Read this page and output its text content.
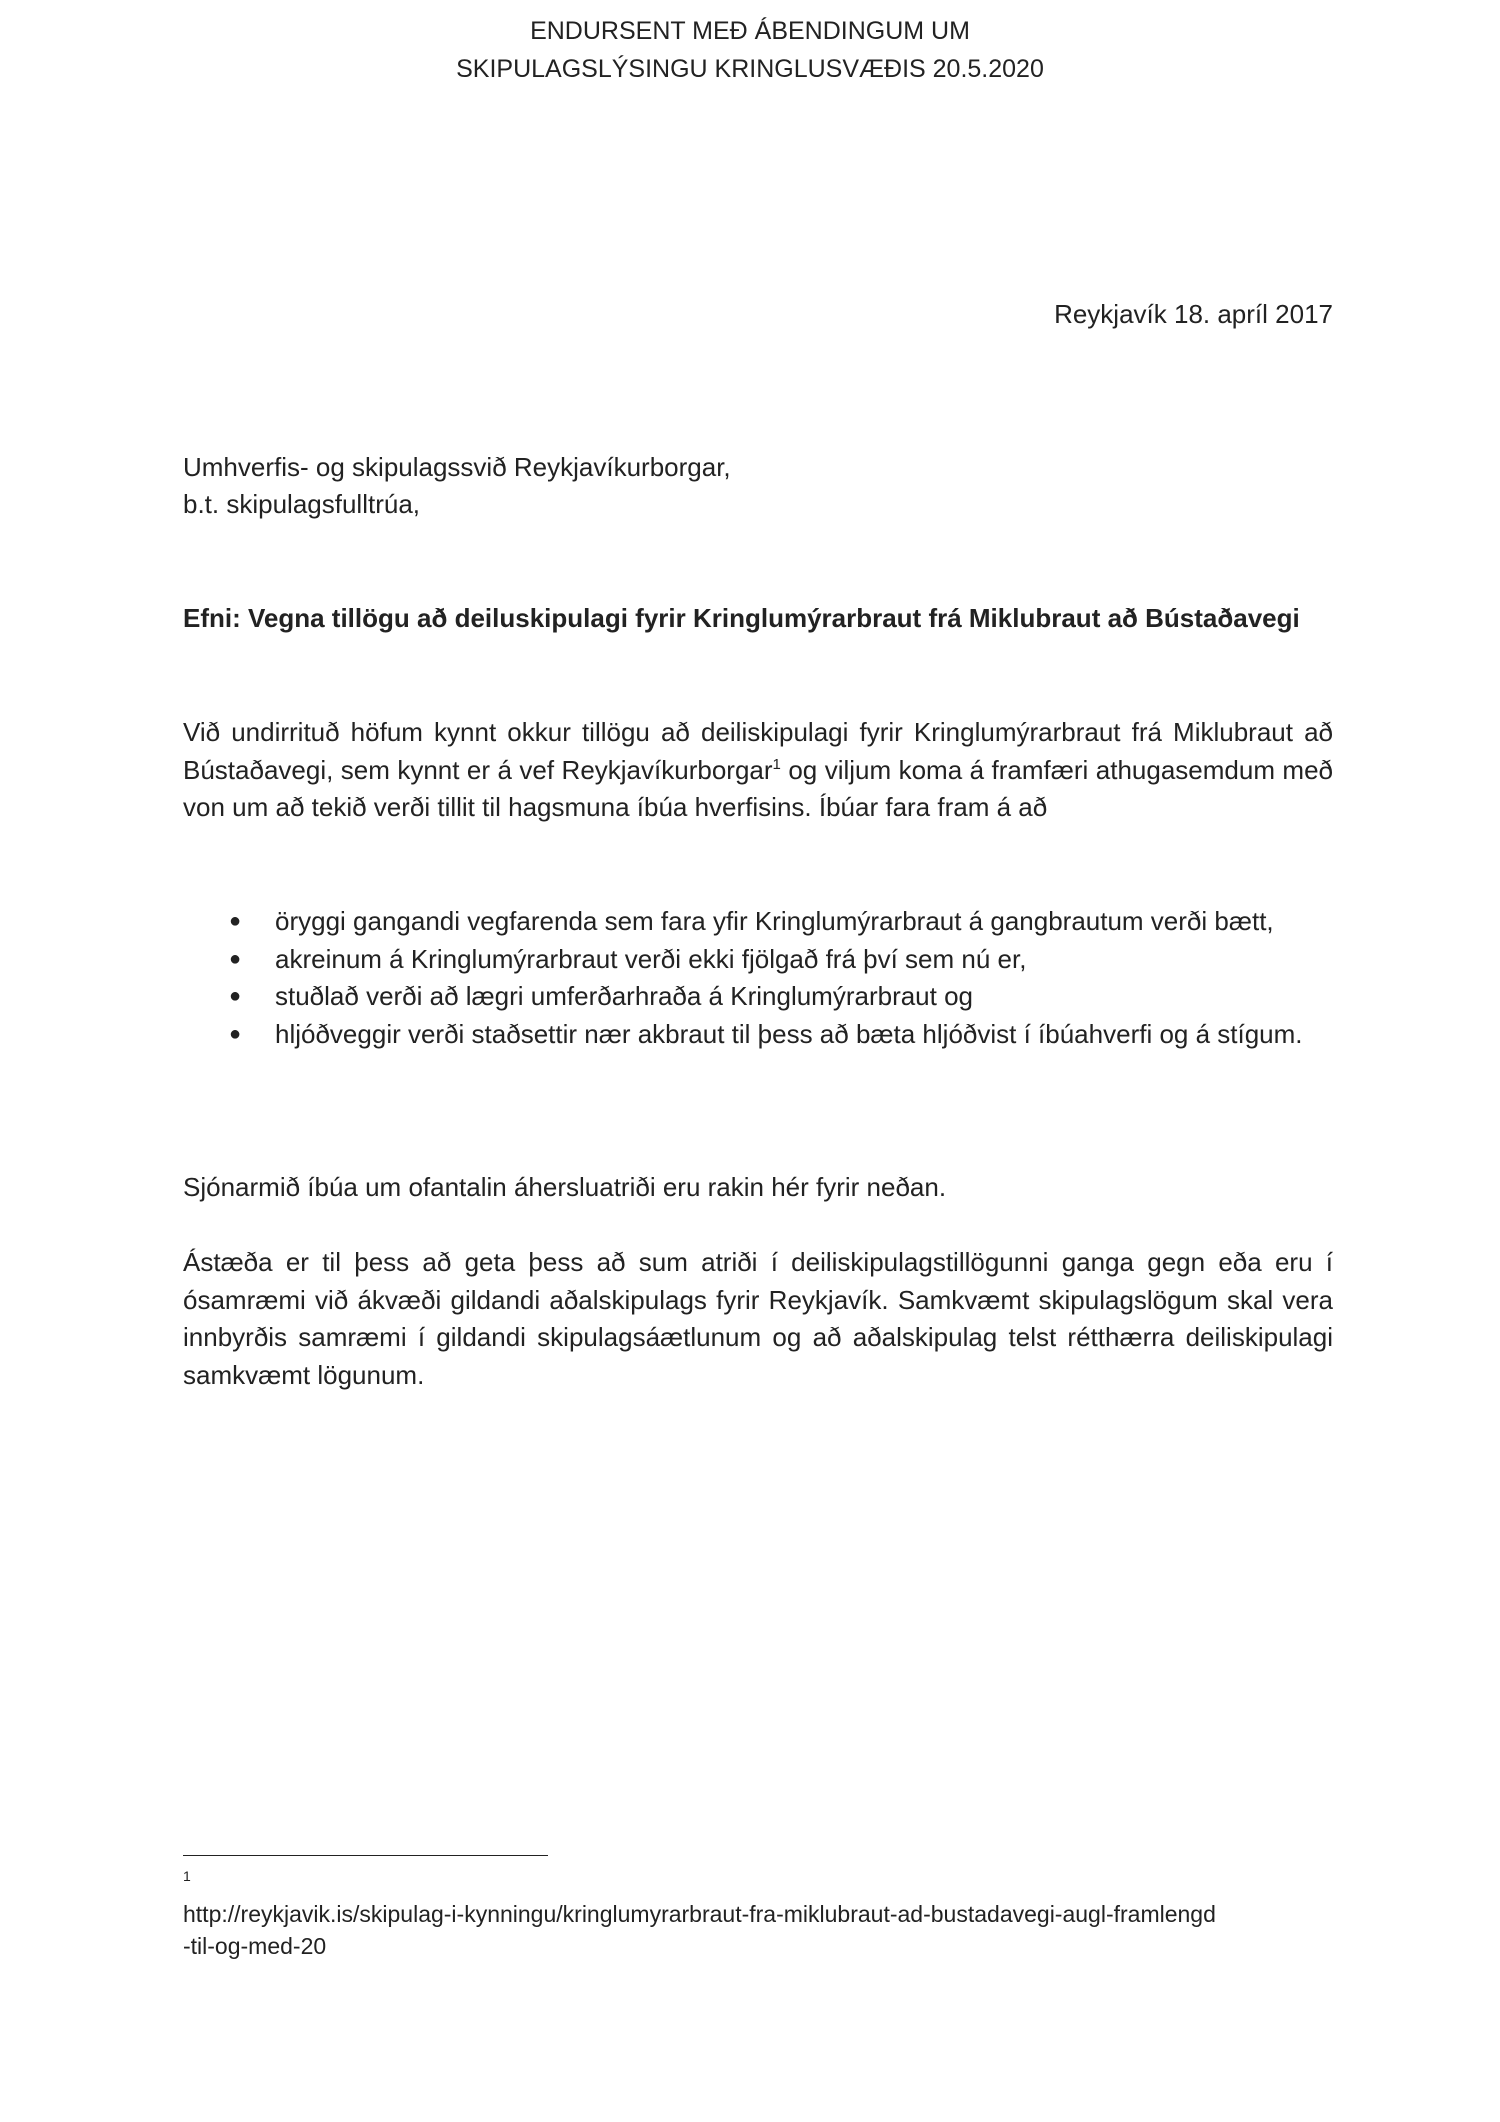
ENDURSENT MEÐ ÁBENDINGUM UM
SKIPULAGSLÝSINGU KRINGLUSVÆÐIS 20.5.2020
Reykjavík 18. apríl 2017
Umhverfis- og skipulagssvið Reykjavíkurborgar,
b.t. skipulagsfulltrúa,
Efni: Vegna tillögu að deiluskipulagi fyrir Kringlumýrarbraut frá Miklubraut að Bústaðavegi
Við undirrituð höfum kynnt okkur tillögu að deiliskipulagi fyrir Kringlumýrarbraut frá Miklubraut að Bústaðavegi, sem kynnt er á vef Reykjavíkurborgar$^1$ og viljum koma á framfæri athugasemdum með von um að tekið verði tillit til hagsmuna íbúa hverfisins. Íbúar fara fram á að
● öryggi gangandi vegfarenda sem fara yfir Kringlumýrarbraut á gangbrautum verði bætt,
● akreinum á Kringlumýrarbraut verði ekki fjölgað frá því sem nú er,
● stuðlað verði að lægri umferðarhraða á Kringlumýrarbraut og
● hljóðveggir verði staðsettir nær akbraut til þess að bæta hljóðvist í íbúahverfi og á stígum.
Sjónarmið íbúa um ofantalin áhersluatriði eru rakin hér fyrir neðan.
Ástæða er til þess að geta þess að sum atriði í deiliskipulagstillögunni ganga gegn eða eru í ósamræmi við ákvæði gildandi aðalskipulags fyrir Reykjavík. Samkvæmt skipulagslögum skal vera innbyrðis samræmi í gildandi skipulagsáætlunum og að aðalskipulag telst rétthærra deiliskipulagi samkvæmt lögunum.
1
http://reykjavik.is/skipulag-i-kynningu/kringlumyrarbraut-fra-miklubraut-ad-bustadavegi-augl-framlengd
-til-og-med-20
